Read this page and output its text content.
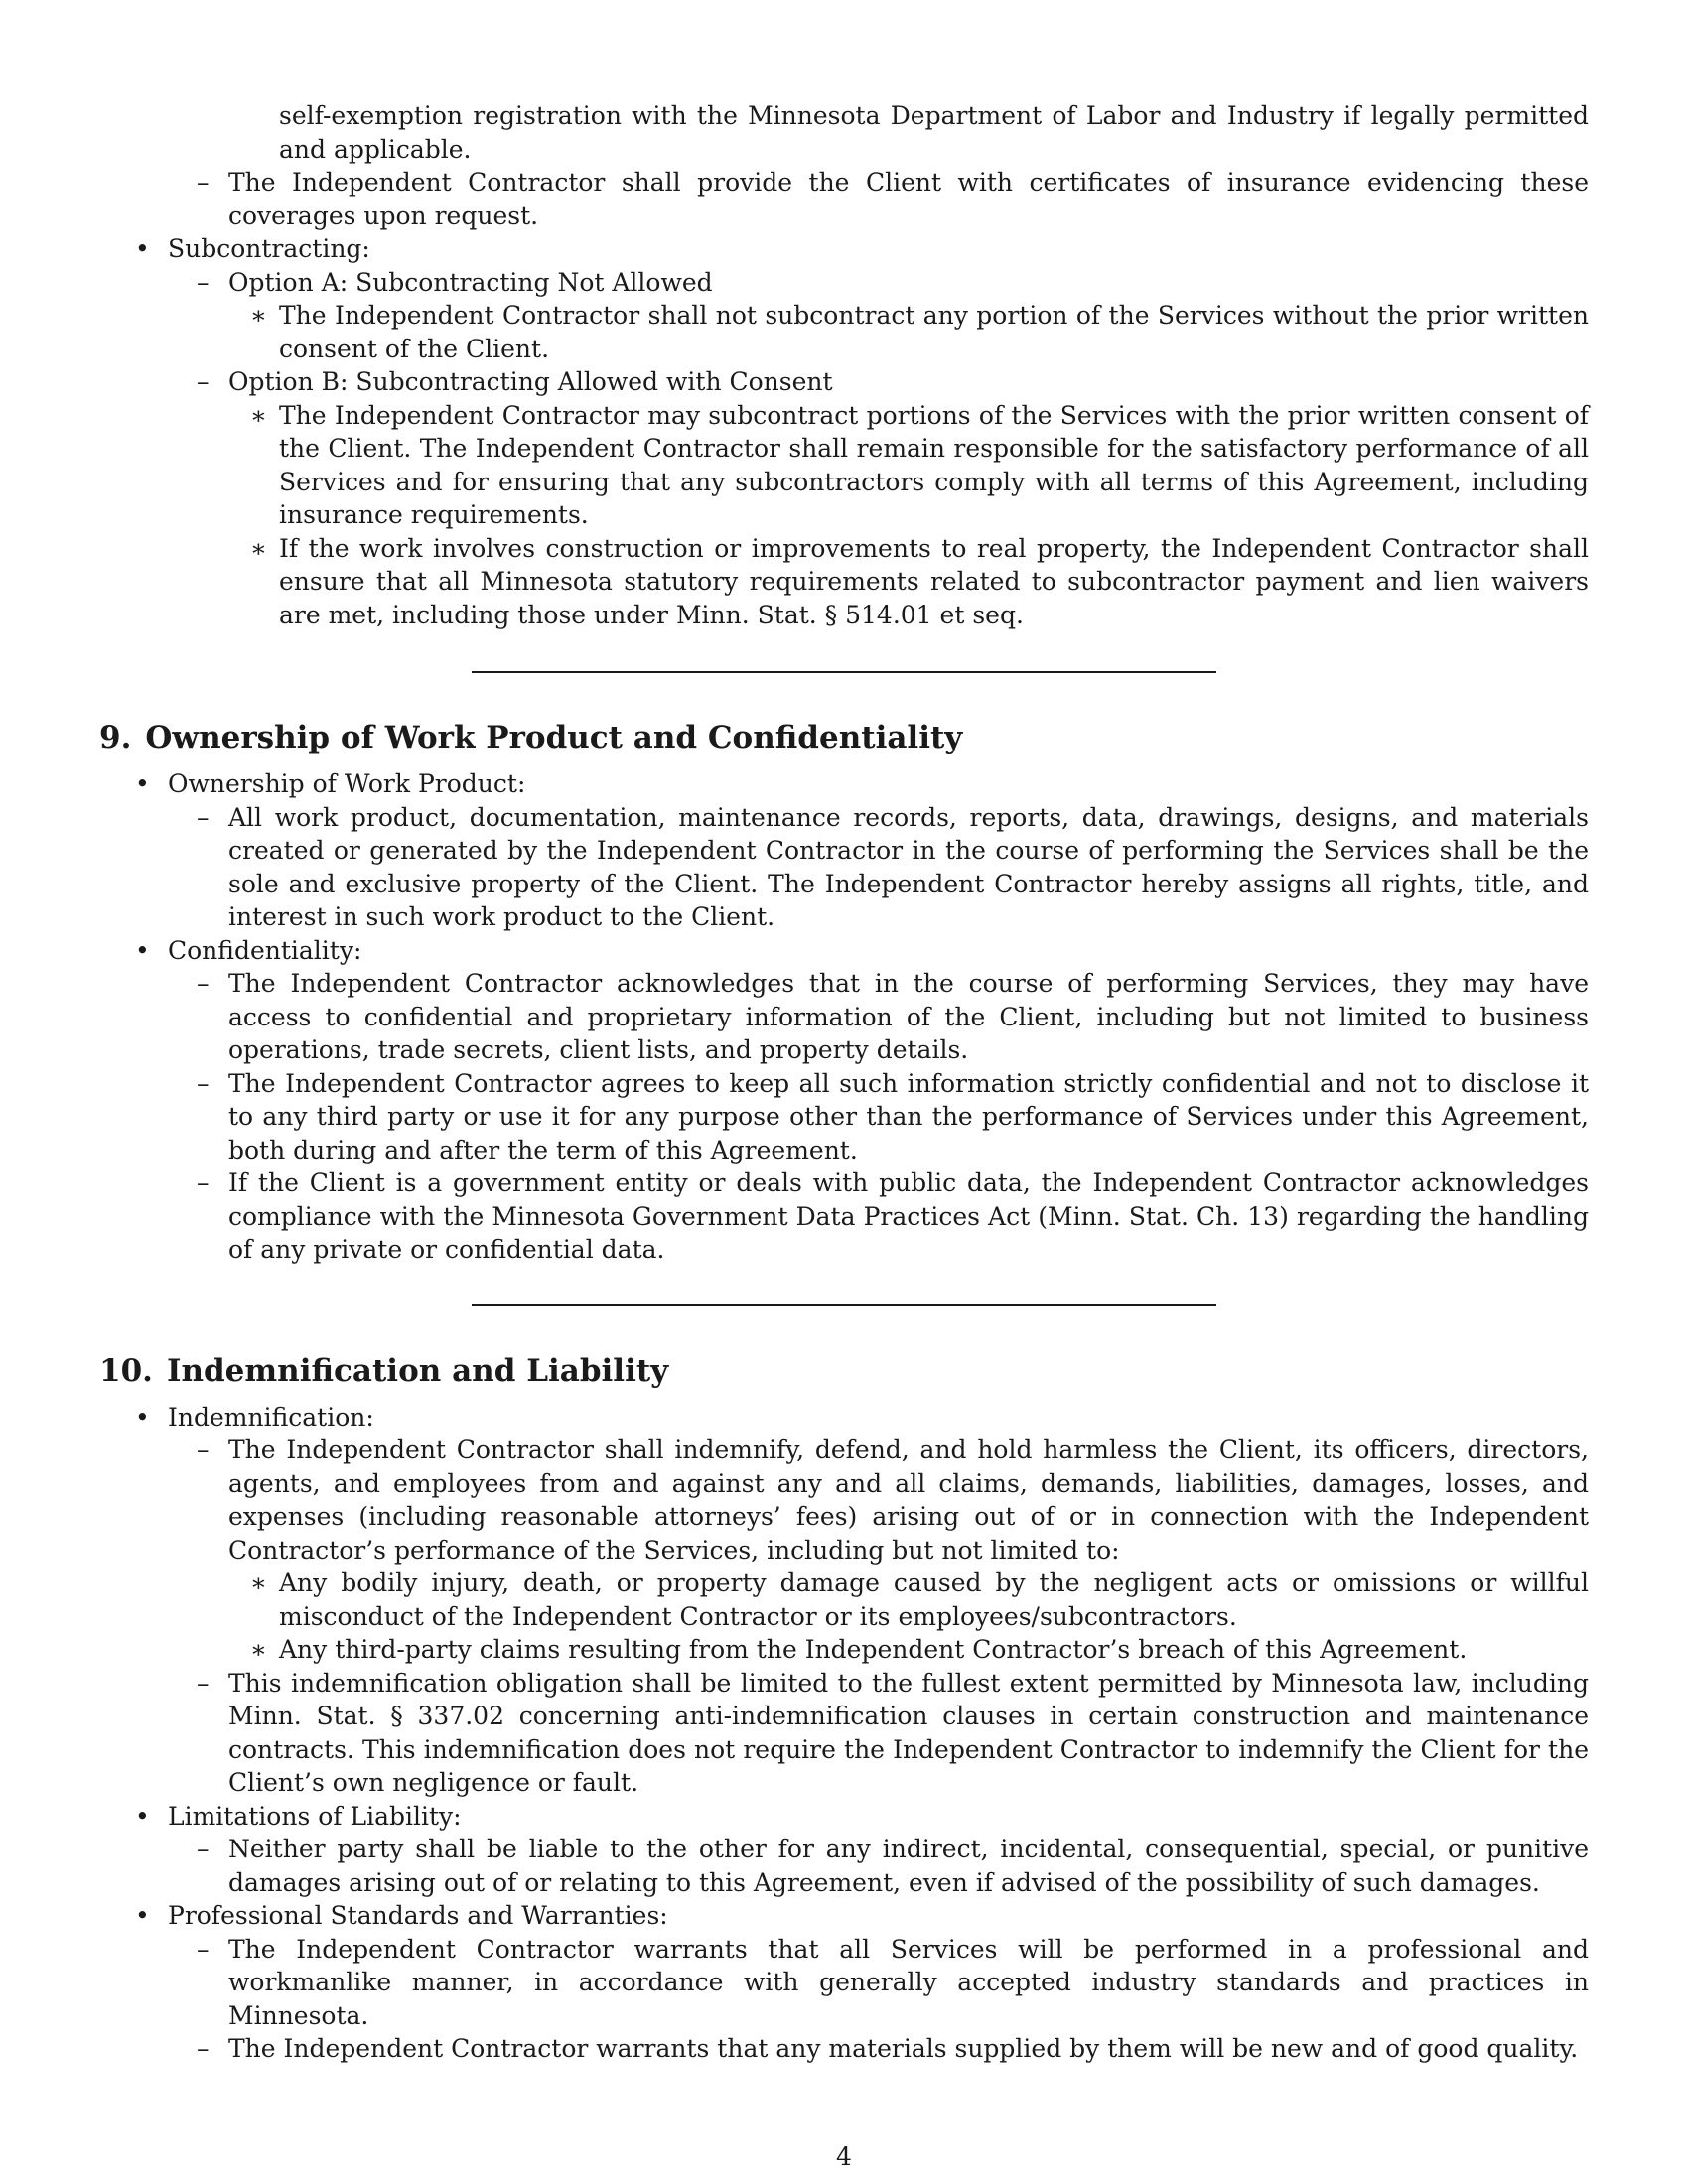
self-exemption registration with the Minnesota Department of Labor and Industry if legally permitted and applicable.

– The Independent Contractor shall provide the Client with certificates of insurance evidencing these coverages upon request.

• Subcontracting:

– Option A: Subcontracting Not Allowed

∗ The Independent Contractor shall not subcontract any portion of the Services without the prior written consent of the Client.

– Option B: Subcontracting Allowed with Consent

∗ The Independent Contractor may subcontract portions of the Services with the prior written consent of the Client. The Independent Contractor shall remain responsible for the satisfactory performance of all Services and for ensuring that any subcontractors comply with all terms of this Agreement, including insurance requirements.

∗ If the work involves construction or improvements to real property, the Independent Contractor shall ensure that all Minnesota statutory requirements related to subcontractor payment and lien waivers are met, including those under Minn. Stat. § 514.01 et seq.

9. Ownership of Work Product and Confidentiality
• Ownership of Work Product:

– All work product, documentation, maintenance records, reports, data, drawings, designs, and materials created or generated by the Independent Contractor in the course of performing the Services shall be the sole and exclusive property of the Client. The Independent Contractor hereby assigns all rights, title, and interest in such work product to the Client.

• Confidentiality:

– The Independent Contractor acknowledges that in the course of performing Services, they may have access to confidential and proprietary information of the Client, including but not limited to business operations, trade secrets, client lists, and property details.

– The Independent Contractor agrees to keep all such information strictly confidential and not to disclose it to any third party or use it for any purpose other than the performance of Services under this Agreement, both during and after the term of this Agreement.

– If the Client is a government entity or deals with public data, the Independent Contractor acknowledges compliance with the Minnesota Government Data Practices Act (Minn. Stat. Ch. 13) regarding the handling of any private or confidential data.

10. Indemnification and Liability
• Indemnification:

– The Independent Contractor shall indemnify, defend, and hold harmless the Client, its officers, directors, agents, and employees from and against any and all claims, demands, liabilities, damages, losses, and expenses (including reasonable attorneys’ fees) arising out of or in connection with the Independent Contractor’s performance of the Services, including but not limited to:

∗ Any bodily injury, death, or property damage caused by the negligent acts or omissions or willful misconduct of the Independent Contractor or its employees/subcontractors.

∗ Any third-party claims resulting from the Independent Contractor’s breach of this Agreement.

– This indemnification obligation shall be limited to the fullest extent permitted by Minnesota law, including Minn. Stat. § 337.02 concerning anti-indemnification clauses in certain construction and maintenance contracts. This indemnification does not require the Independent Contractor to indemnify the Client for the Client’s own negligence or fault.

• Limitations of Liability:

– Neither party shall be liable to the other for any indirect, incidental, consequential, special, or punitive damages arising out of or relating to this Agreement, even if advised of the possibility of such damages.

• Professional Standards and Warranties:

– The Independent Contractor warrants that all Services will be performed in a professional and workmanlike manner, in accordance with generally accepted industry standards and practices in Minnesota.

– The Independent Contractor warrants that any materials supplied by them will be new and of good quality.

4
